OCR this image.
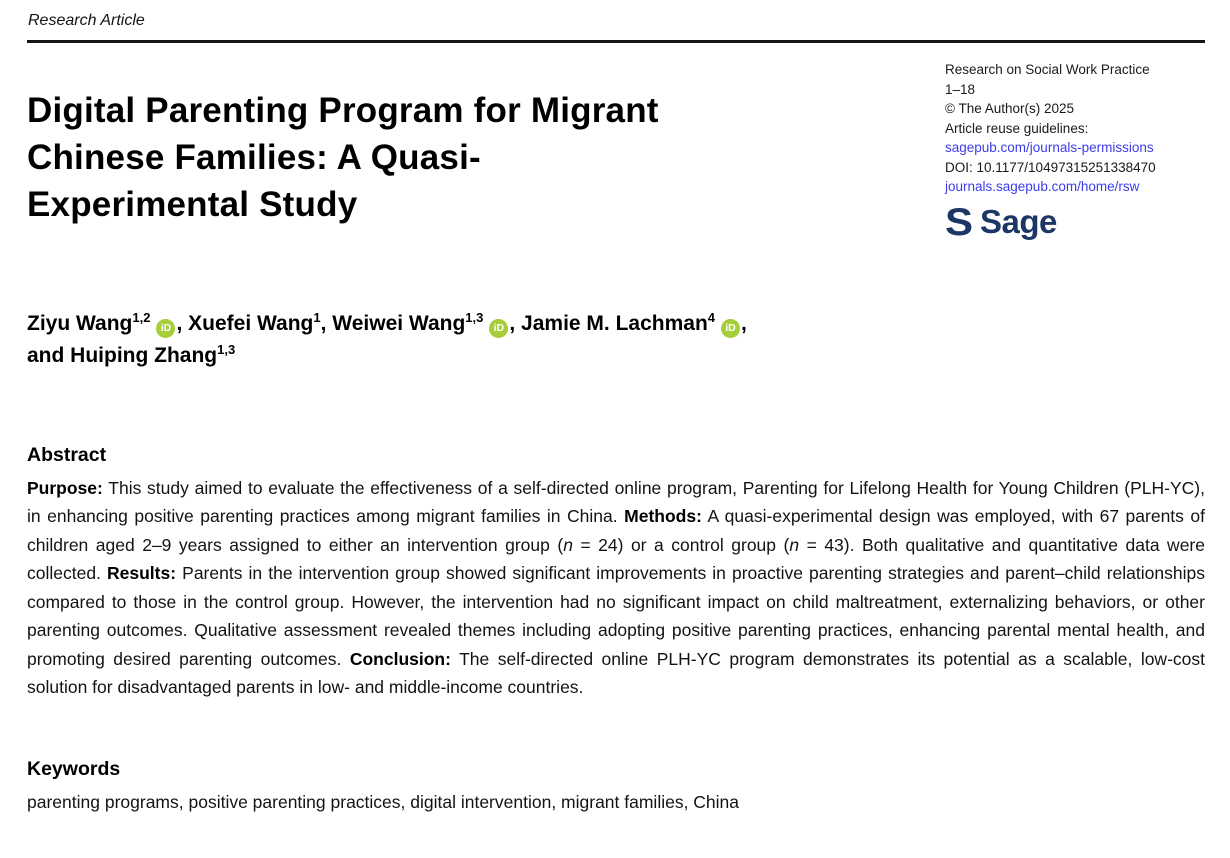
Research Article
Digital Parenting Program for Migrant Chinese Families: A Quasi-Experimental Study
Research on Social Work Practice
1–18
© The Author(s) 2025
Article reuse guidelines:
sagepub.com/journals-permissions
DOI: 10.1177/10497315251338470
journals.sagepub.com/home/rsw
S Sage
Ziyu Wang$^{1,2}$iD , Xuefei Wang$^1$, Weiwei Wang$^{1,3}$iD , Jamie M. Lachman$^4$iD ,
and Huiping Zhang$^{1,3}$
Abstract

Purpose: This study aimed to evaluate the effectiveness of a self-directed online program, Parenting for Lifelong Health for Young Children (PLH-YC), in enhancing positive parenting practices among migrant families in China. Methods: A quasi-experimental design was employed, with 67 parents of children aged 2–9 years assigned to either an intervention group (n = 24) or a control group (n = 43). Both qualitative and quantitative data were collected. Results: Parents in the intervention group showed significant improvements in proactive parenting strategies and parent–child relationships compared to those in the control group. However, the intervention had no significant impact on child maltreatment, externalizing behaviors, or other parenting outcomes. Qualitative assessment revealed themes including adopting positive parenting practices, enhancing parental mental health, and promoting desired parenting outcomes. Conclusion: The self-directed online PLH-YC program demonstrates its potential as a scalable, low-cost solution for disadvantaged parents in low- and middle-income countries.

Keywords

parenting programs, positive parenting practices, digital intervention, migrant families, China
